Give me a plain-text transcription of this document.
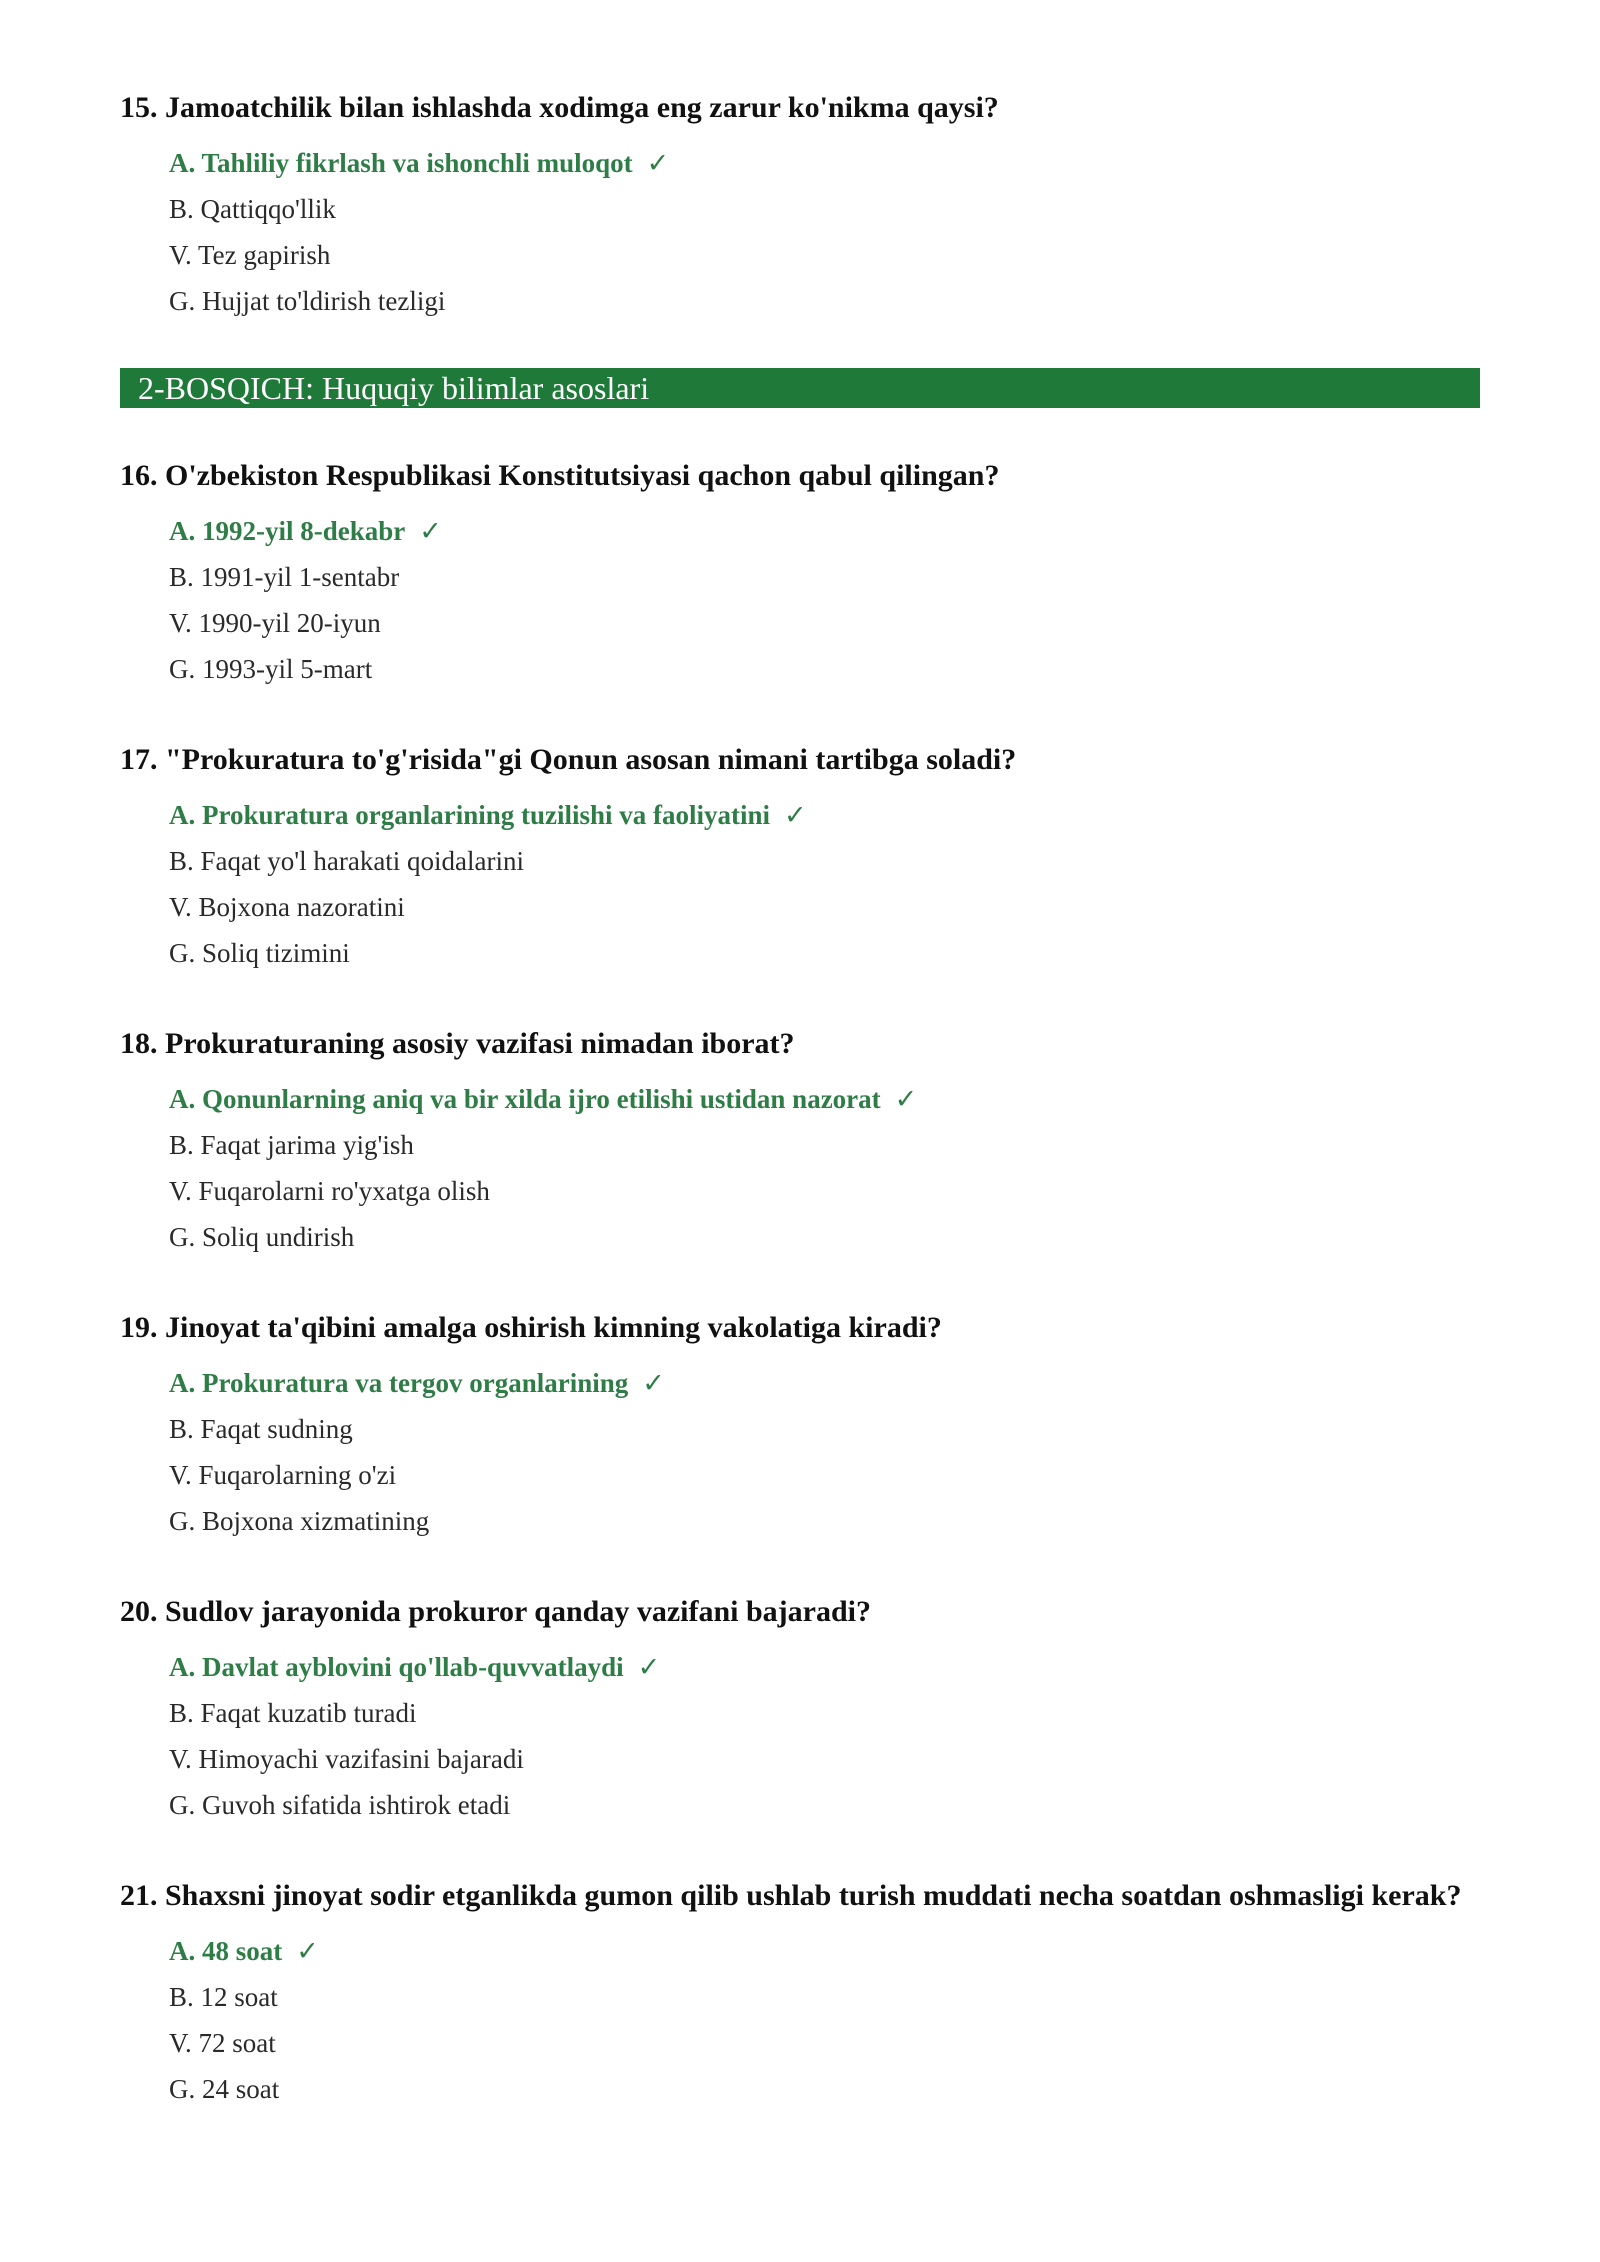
15. Jamoatchilik bilan ishlashda xodimga eng zarur ko'nikma qaysi?
A. Tahliliy fikrlash va ishonchli muloqot ✓
B. Qattiqqo'llik
V. Tez gapirish
G. Hujjat to'ldirish tezligi
2-BOSQICH: Huquqiy bilimlar asoslari
16. O'zbekiston Respublikasi Konstitutsiyasi qachon qabul qilingan?
A. 1992-yil 8-dekabr ✓
B. 1991-yil 1-sentabr
V. 1990-yil 20-iyun
G. 1993-yil 5-mart
17. "Prokuratura to'g'risida"gi Qonun asosan nimani tartibga soladi?
A. Prokuratura organlarining tuzilishi va faoliyatini ✓
B. Faqat yo'l harakati qoidalarini
V. Bojxona nazoratini
G. Soliq tizimini
18. Prokuraturaning asosiy vazifasi nimadan iborat?
A. Qonunlarning aniq va bir xilda ijro etilishi ustidan nazorat ✓
B. Faqat jarima yig'ish
V. Fuqarolarni ro'yxatga olish
G. Soliq undirish
19. Jinoyat ta'qibini amalga oshirish kimning vakolatiga kiradi?
A. Prokuratura va tergov organlarining ✓
B. Faqat sudning
V. Fuqarolarning o'zi
G. Bojxona xizmatining
20. Sudlov jarayonida prokuror qanday vazifani bajaradi?
A. Davlat ayblovini qo'llab-quvvatlaydi ✓
B. Faqat kuzatib turadi
V. Himoyachi vazifasini bajaradi
G. Guvoh sifatida ishtirok etadi
21. Shaxsni jinoyat sodir etganlikda gumon qilib ushlab turish muddati necha soatdan oshmasligi kerak?
A. 48 soat ✓
B. 12 soat
V. 72 soat
G. 24 soat
